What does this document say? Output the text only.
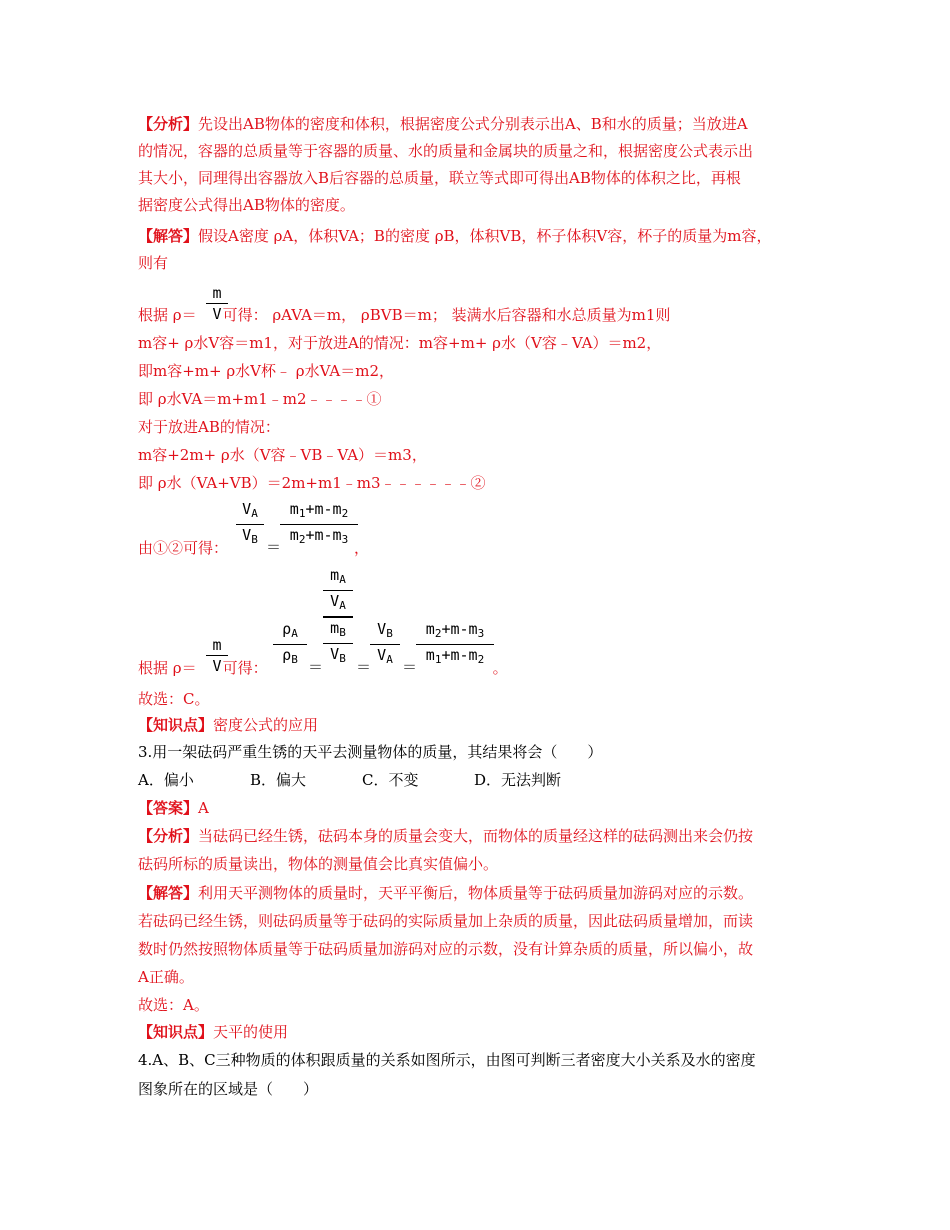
【分析】先设出AB物体的密度和体积，根据密度公式分别表示出A、B和水的质量；当放进A
的情况，容器的总质量等于容器的质量、水的质量和金属块的质量之和，根据密度公式表示出
其大小，同理得出容器放入B后容器的总质量，联立等式即可得出AB物体的体积之比，再根
据密度公式得出AB物体的密度。
【解答】假设A密度 ρA，体积VA；B的密度 ρB，体积VB，杯子体积V容，杯子的质量为m容，
则有
根据 ρ＝ 可得： ρAVA＝m， ρBVB＝m； 装满水后容器和水总质量为m1则
m
V
m容+ ρ水V容＝m1，对于放进A的情况：m容+m+ ρ水（V容﹣VA）＝m2，
即m容+m+ ρ水V杯﹣ ρ水VA＝m2，
即 ρ水VA＝m+m1﹣m2﹣﹣﹣﹣①
对于放进AB的情况：
m容+2m+ ρ水（V容﹣VB﹣VA）＝m3，
即 ρ水（VA+VB）＝2m+m1﹣m3﹣﹣﹣﹣﹣﹣②
由①②可得：	，
$V_A$
$V_B$ ＝
$m_1+m-m_2$
$m_2+m-m_3$
根据 ρ＝ 可得：	。
m
V
$\rho_A$
$\rho_B$ ＝
$m_A$
$V_A$
$m_B$
$V_B$
＝
$V_B$
$V_A$ ＝
$m_2+m-m_3$
$m_1+m-m_2$
故选：C。
【知识点】密度公式的应用
3.用一架砝码严重生锈的天平去测量物体的质量，其结果将会（　　）
A．偏小	B．偏大	C．不变	D．无法判断
【答案】A
【分析】当砝码已经生锈，砝码本身的质量会变大，而物体的质量经这样的砝码测出来会仍按
砝码所标的质量读出，物体的测量值会比真实值偏小。
【解答】利用天平测物体的质量时，天平平衡后，物体质量等于砝码质量加游码对应的示数。
若砝码已经生锈，则砝码质量等于砝码的实际质量加上杂质的质量，因此砝码质量增加，而读
数时仍然按照物体质量等于砝码质量加游码对应的示数，没有计算杂质的质量，所以偏小，故
A正确。
故选：A。
【知识点】天平的使用
4.A、B、C三种物质的体积跟质量的关系如图所示，由图可判断三者密度大小关系及水的密度
图象所在的区域是（　　）
